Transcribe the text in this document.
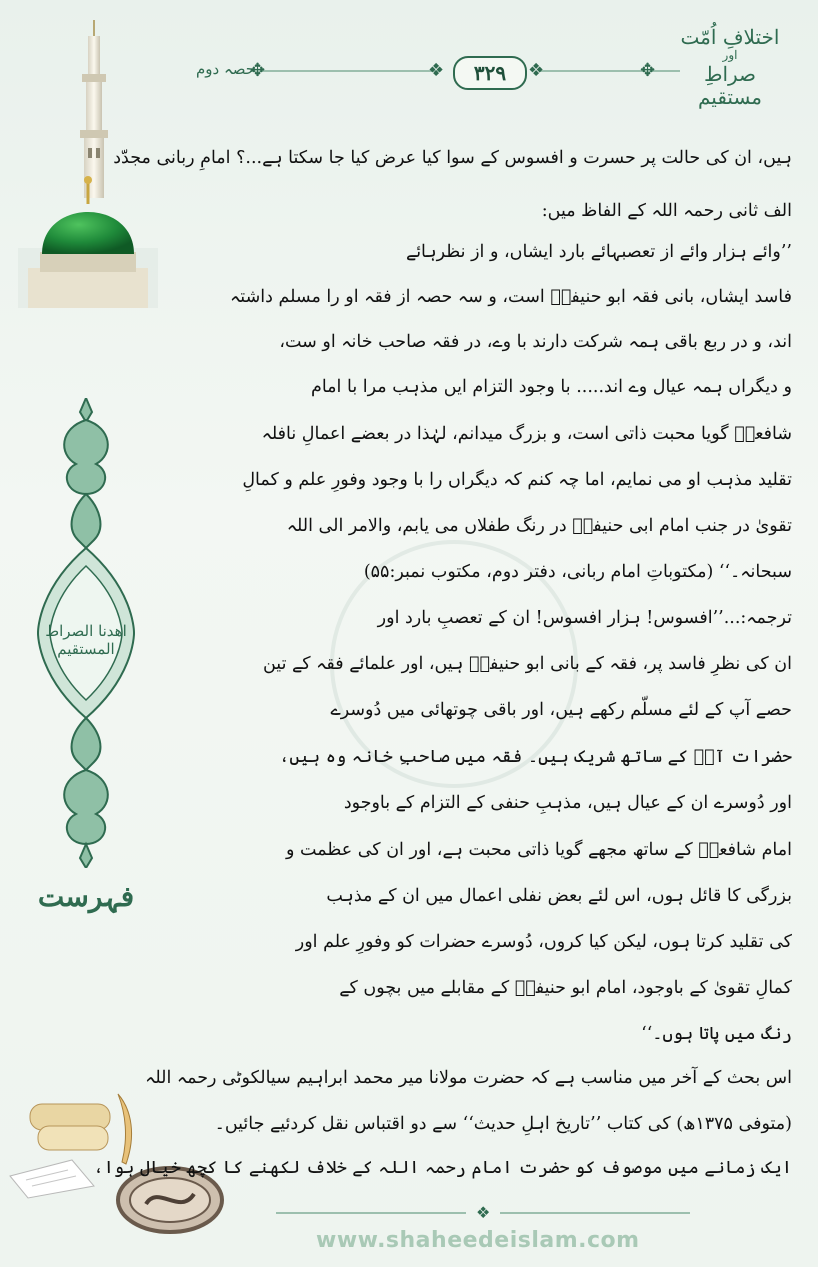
اختلافِ اُمّت
اور
صراطِ مستقیم
❖	❖
✥	✥
۳۲۹
حصہ دوم
اھدنا الصراط المستقیم
فہرست
ہیں، ان کی حالت پر حسرت و افسوس کے سوا کیا عرض کیا جا سکتا ہے...؟ امامِ ربانی مجدّد
الف ثانی رحمہ اللہ کے الفاظ میں:
’’وائے ہزار وائے از تعصبہائے بارد ایشاں، و از نظرہائے
فاسد ایشاں، بانی فقہ ابو حنیفہؒ است، و سہ حصہ از فقہ او را مسلم داشتہ
اند، و در ربع باقی ہمہ شرکت دارند با وے، در فقہ صاحب خانہ او ست،
و دیگراں ہمہ عیال وے اند..... با وجود التزام ایں مذہب مرا با امام
شافعیؒ گویا محبت ذاتی است، و بزرگ میدانم، لہٰذا در بعضے اعمالِ نافلہ
تقلید مذہب او می نمایم، اما چہ کنم کہ دیگراں را با وجود وفورِ علم و کمالِ
تقویٰ در جنب امام ابی حنیفہؒ در رنگ طفلاں می یابم، والامر الی اللہ
سبحانہ۔‘‘ (مکتوباتِ امام ربانی، دفتر دوم، مکتوب نمبر:۵۵)
ترجمہ:...’’افسوس! ہزار افسوس! ان کے تعصبِ بارد اور
ان کی نظرِ فاسد پر، فقہ کے بانی ابو حنیفہؒ ہیں، اور علمائے فقہ کے تین
حصے آپ کے لئے مسلّم رکھے ہیں، اور باقی چوتھائی میں دُوسرے
حضرات آپؒ کے ساتھ شریک ہیں۔ فقہ میں صاحبِ خانہ وہ ہیں،
اور دُوسرے ان کے عیال ہیں، مذہبِ حنفی کے التزام کے باوجود
امام شافعیؒ کے ساتھ مجھے گویا ذاتی محبت ہے، اور ان کی عظمت و
بزرگی کا قائل ہوں، اس لئے بعض نفلی اعمال میں ان کے مذہب
کی تقلید کرتا ہوں، لیکن کیا کروں، دُوسرے حضرات کو وفورِ علم اور
کمالِ تقویٰ کے باوجود، امام ابو حنیفہؒ کے مقابلے میں بچوں کے
رنگ میں پاتا ہوں۔‘‘
اس بحث کے آخر میں مناسب ہے کہ حضرت مولانا میر محمد ابراہیم سیالکوٹی رحمہ اللہ
(متوفی ۱۳۷۵ھ) کی کتاب ’’تاریخ اہلِ حدیث‘‘ سے دو اقتباس نقل کردئیے جائیں۔
ایک زمانے میں موصوف کو حضرت امام رحمہ اللہ کے خلاف لکھنے کا کچھ خیال ہوا،
❖
www.shaheedeislam.com
